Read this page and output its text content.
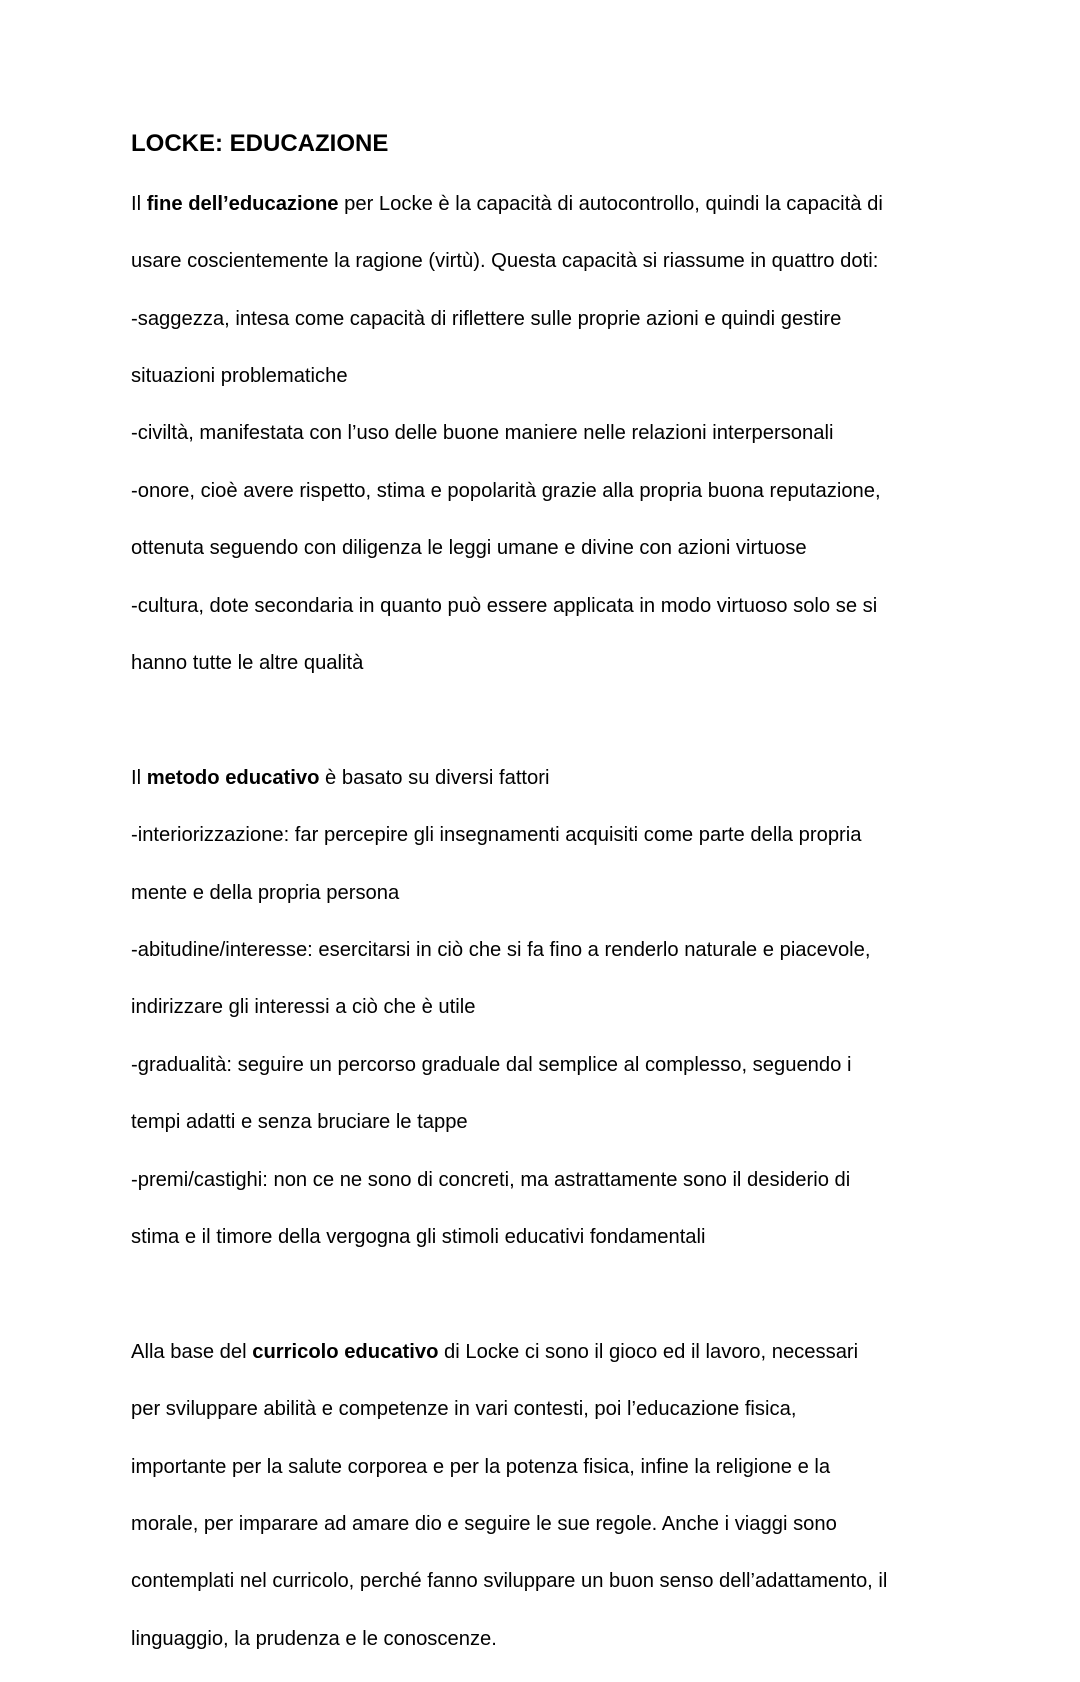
LOCKE: EDUCAZIONE

Il fine dell’educazione per Locke è la capacità di autocontrollo, quindi la capacità di

usare coscientemente la ragione (virtù). Questa capacità si riassume in quattro doti:

-saggezza, intesa come capacità di riflettere sulle proprie azioni e quindi gestire

situazioni problematiche

-civiltà, manifestata con l’uso delle buone maniere nelle relazioni interpersonali

-onore, cioè avere rispetto, stima e popolarità grazie alla propria buona reputazione,

ottenuta seguendo con diligenza le leggi umane e divine con azioni virtuose

-cultura, dote secondaria in quanto può essere applicata in modo virtuoso solo se si

hanno tutte le altre qualità

Il metodo educativo è basato su diversi fattori

-interiorizzazione: far percepire gli insegnamenti acquisiti come parte della propria

mente e della propria persona

-abitudine/interesse: esercitarsi in ciò che si fa fino a renderlo naturale e piacevole,

indirizzare gli interessi a ciò che è utile

-gradualità: seguire un percorso graduale dal semplice al complesso, seguendo i

tempi adatti e senza bruciare le tappe

-premi/castighi: non ce ne sono di concreti, ma astrattamente sono il desiderio di

stima e il timore della vergogna gli stimoli educativi fondamentali

Alla base del curricolo educativo di Locke ci sono il gioco ed il lavoro, necessari

per sviluppare abilità e competenze in vari contesti, poi l’educazione fisica,

importante per la salute corporea e per la potenza fisica, infine la religione e la

morale, per imparare ad amare dio e seguire le sue regole. Anche i viaggi sono

contemplati nel curricolo, perché fanno sviluppare un buon senso dell’adattamento, il

linguaggio, la prudenza e le conoscenze.
